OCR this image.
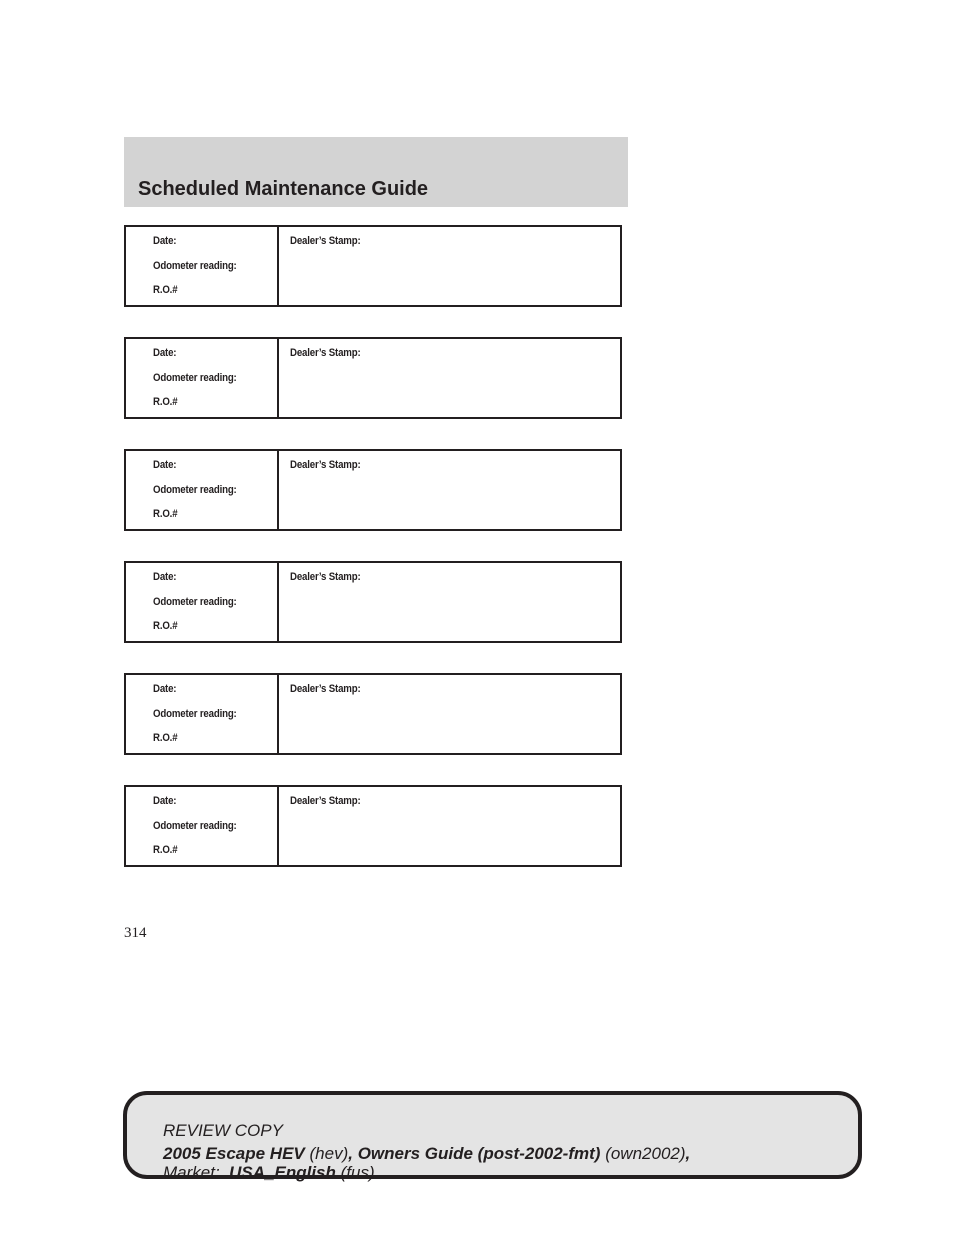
Scheduled Maintenance Guide
Date:
Odometer reading:
R.O.#
Dealer’s Stamp:
Date:
Odometer reading:
R.O.#
Dealer’s Stamp:
Date:
Odometer reading:
R.O.#
Dealer’s Stamp:
Date:
Odometer reading:
R.O.#
Dealer’s Stamp:
Date:
Odometer reading:
R.O.#
Dealer’s Stamp:
Date:
Odometer reading:
R.O.#
Dealer’s Stamp:
314
REVIEW COPY
2005 Escape HEV (hev), Owners Guide (post-2002-fmt) (own2002),
Market: USA_English (fus)
